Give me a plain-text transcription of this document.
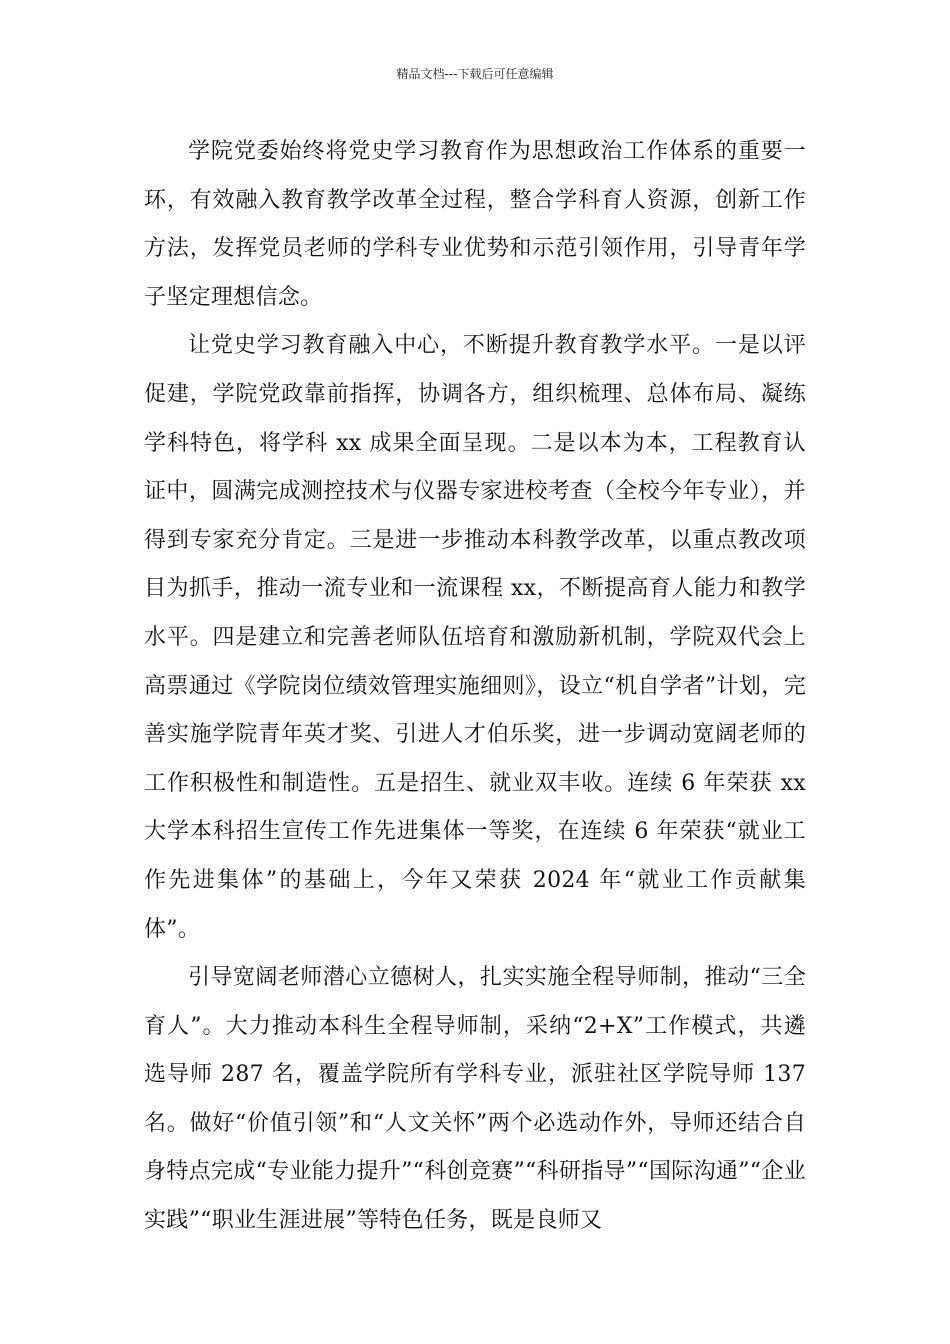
精品文档---下载后可任意编辑

学院党委始终将党史学习教育作为思想政治工作体系的重要一环，有效融入教育教学改革全过程，整合学科育人资源，创新工作方法，发挥党员老师的学科专业优势和示范引领作用，引导青年学子坚定理想信念。

让党史学习教育融入中心，不断提升教育教学水平。一是以评促建，学院党政靠前指挥，协调各方，组织梳理、总体布局、凝练学科特色，将学科 xx 成果全面呈现。二是以本为本，工程教育认证中，圆满完成测控技术与仪器专家进校考查（全校今年专业），并得到专家充分肯定。三是进一步推动本科教学改革，以重点教改项目为抓手，推动一流专业和一流课程 xx，不断提高育人能力和教学水平。四是建立和完善老师队伍培育和激励新机制，学院双代会上高票通过《学院岗位绩效管理实施细则》，设立“机自学者”计划，完善实施学院青年英才奖、引进人才伯乐奖，进一步调动宽阔老师的工作积极性和制造性。五是招生、就业双丰收。连续 6 年荣获 xx 大学本科招生宣传工作先进集体一等奖，在连续 6 年荣获“就业工作先进集体”的基础上，今年又荣获 2024 年“就业工作贡献集体”。

引导宽阔老师潜心立德树人，扎实实施全程导师制，推动“三全育人”。大力推动本科生全程导师制，采纳“2+X”工作模式，共遴选导师 287 名，覆盖学院所有学科专业，派驻社区学院导师 137 名。做好“价值引领”和“人文关怀”两个必选动作外，导师还结合自身特点完成“专业能力提升”“科创竞赛”“科研指导”“国际沟通”“企业实践”“职业生涯进展”等特色任务，既是良师又
